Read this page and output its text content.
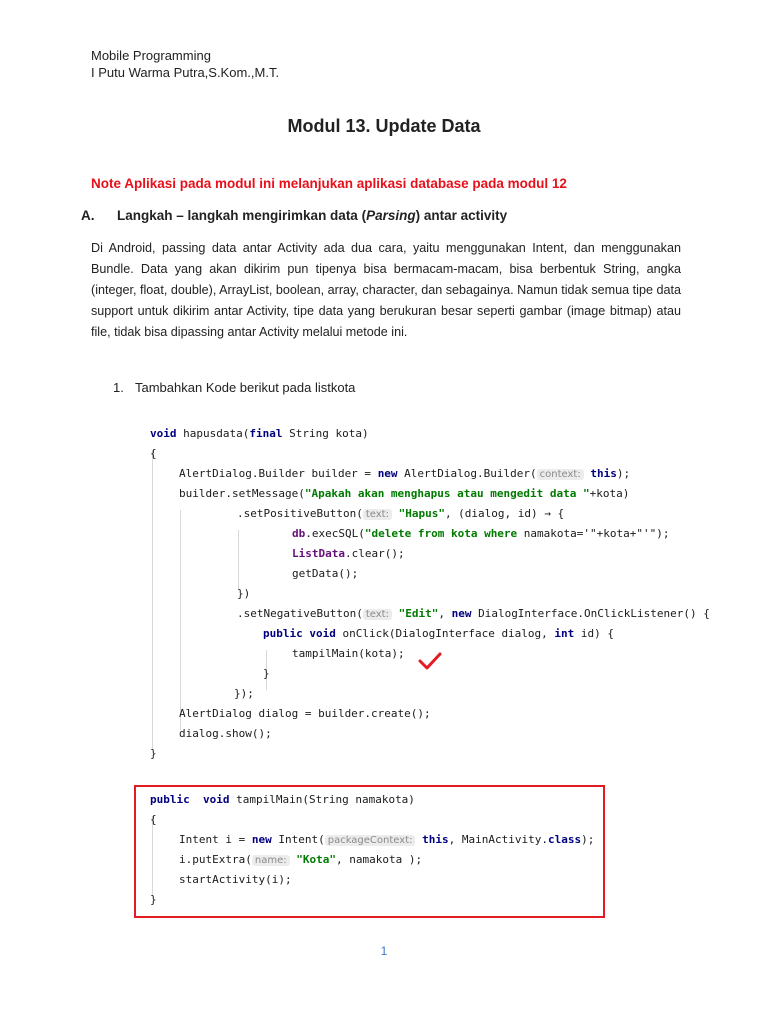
Mobile Programming
I Putu Warma Putra,S.Kom.,M.T.
Modul 13. Update Data
Note Aplikasi pada modul ini melanjukan aplikasi database pada modul 12
A. Langkah – langkah mengirimkan data (Parsing) antar activity
Di Android, passing data antar Activity ada dua cara, yaitu menggunakan Intent, dan menggunakan Bundle. Data yang akan dikirim pun tipenya bisa bermacam-macam, bisa berbentuk String, angka (integer, float, double), ArrayList, boolean, array, character, dan sebagainya. Namun tidak semua tipe data support untuk dikirim antar Activity, tipe data yang berukuran besar seperti gambar (image bitmap) atau file, tidak bisa dipassing antar Activity melalui metode ini.
1. Tambahkan Kode berikut pada listkota
void hapusdata(final String kota)
{
AlertDialog.Builder builder = new AlertDialog.Builder( context: this);
builder.setMessage("Apakah akan menghapus atau mengedit data "+kota)
.setPositiveButton( text: "Hapus", (dialog, id) → {
db.execSQL("delete from kota where namakota='"+kota+"'");
ListData.clear();
getData();
})
.setNegativeButton( text: "Edit", new DialogInterface.OnClickListener() {
public void onClick(DialogInterface dialog, int id) {
tampilMain(kota);
}
});
AlertDialog dialog = builder.create();
dialog.show();
}
public void tampilMain(String namakota)
{
Intent i = new Intent( packageContext: this, MainActivity.class);
i.putExtra( name: "Kota", namakota );
startActivity(i);
}
1
